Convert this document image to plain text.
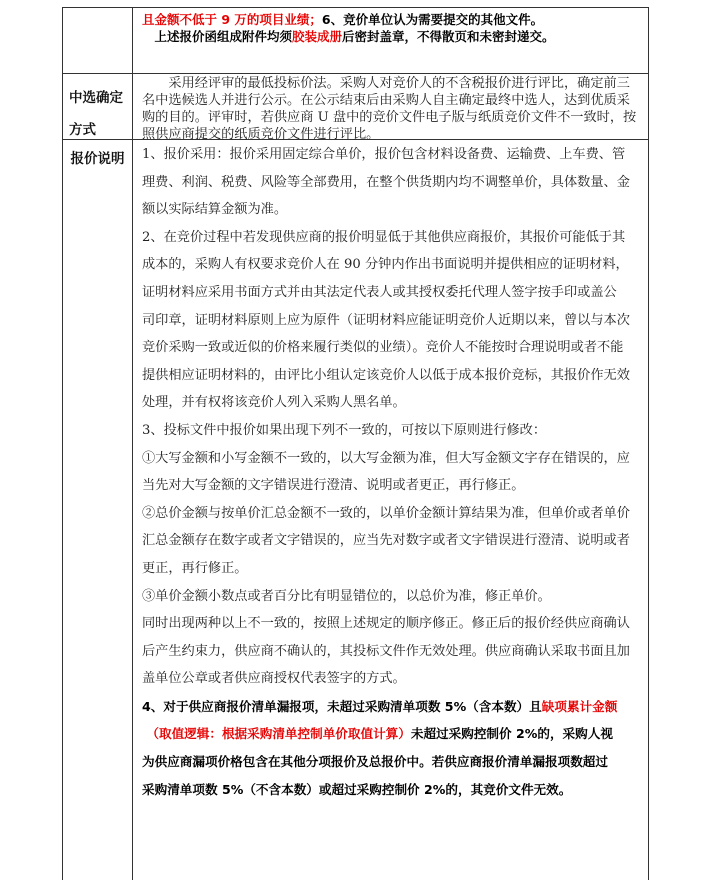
且金额不低于 9 万的项目业绩；6、竞价单位认为需要提交的其他文件。
　上述报价函组成附件均须胶装成册后密封盖章，不得散页和未密封递交。
中选确定方式
　　采用经评审的最低投标价法。采购人对竞价人的不含税报价进行评比，确定前三
名中选候选人并进行公示。在公示结束后由采购人自主确定最终中选人，达到优质采
购的目的。评审时，若供应商 U 盘中的竞价文件电子版与纸质竞价文件不一致时，按
照供应商提交的纸质竞价文件进行评比。
报价说明	1、报价采用：报价采用固定综合单价，报价包含材料设备费、运输费、上车费、管
理费、利润、税费、风险等全部费用，在整个供货期内均不调整单价，具体数量、金
额以实际结算金额为准。
2、在竞价过程中若发现供应商的报价明显低于其他供应商报价，其报价可能低于其
成本的，采购人有权要求竞价人在 90 分钟内作出书面说明并提供相应的证明材料，
证明材料应采用书面方式并由其法定代表人或其授权委托代理人签字按手印或盖公
司印章，证明材料原则上应为原件（证明材料应能证明竞价人近期以来，曾以与本次
竞价采购一致或近似的价格来履行类似的业绩）。竞价人不能按时合理说明或者不能
提供相应证明材料的，由评比小组认定该竞价人以低于成本报价竞标，其报价作无效
处理，并有权将该竞价人列入采购人黑名单。
3、投标文件中报价如果出现下列不一致的，可按以下原则进行修改：
①大写金额和小写金额不一致的，以大写金额为准，但大写金额文字存在错误的，应
当先对大写金额的文字错误进行澄清、说明或者更正，再行修正。
②总价金额与按单价汇总金额不一致的，以单价金额计算结果为准，但单价或者单价
汇总金额存在数字或者文字错误的，应当先对数字或者文字错误进行澄清、说明或者
更正，再行修正。
③单价金额小数点或者百分比有明显错位的，以总价为准，修正单价。
同时出现两种以上不一致的，按照上述规定的顺序修正。修正后的报价经供应商确认
后产生约束力，供应商不确认的，其投标文件作无效处理。供应商确认采取书面且加
盖单位公章或者供应商授权代表签字的方式。
4、对于供应商报价清单漏报项，未超过采购清单项数 5%（含本数）且缺项累计金额
（取值逻辑：根据采购清单控制单价取值计算）未超过采购控制价 2%的，采购人视
为供应商漏项价格包含在其他分项报价及总报价中。若供应商报价清单漏报项数超过
采购清单项数 5%（不含本数）或超过采购控制价 2%的，其竞价文件无效。
